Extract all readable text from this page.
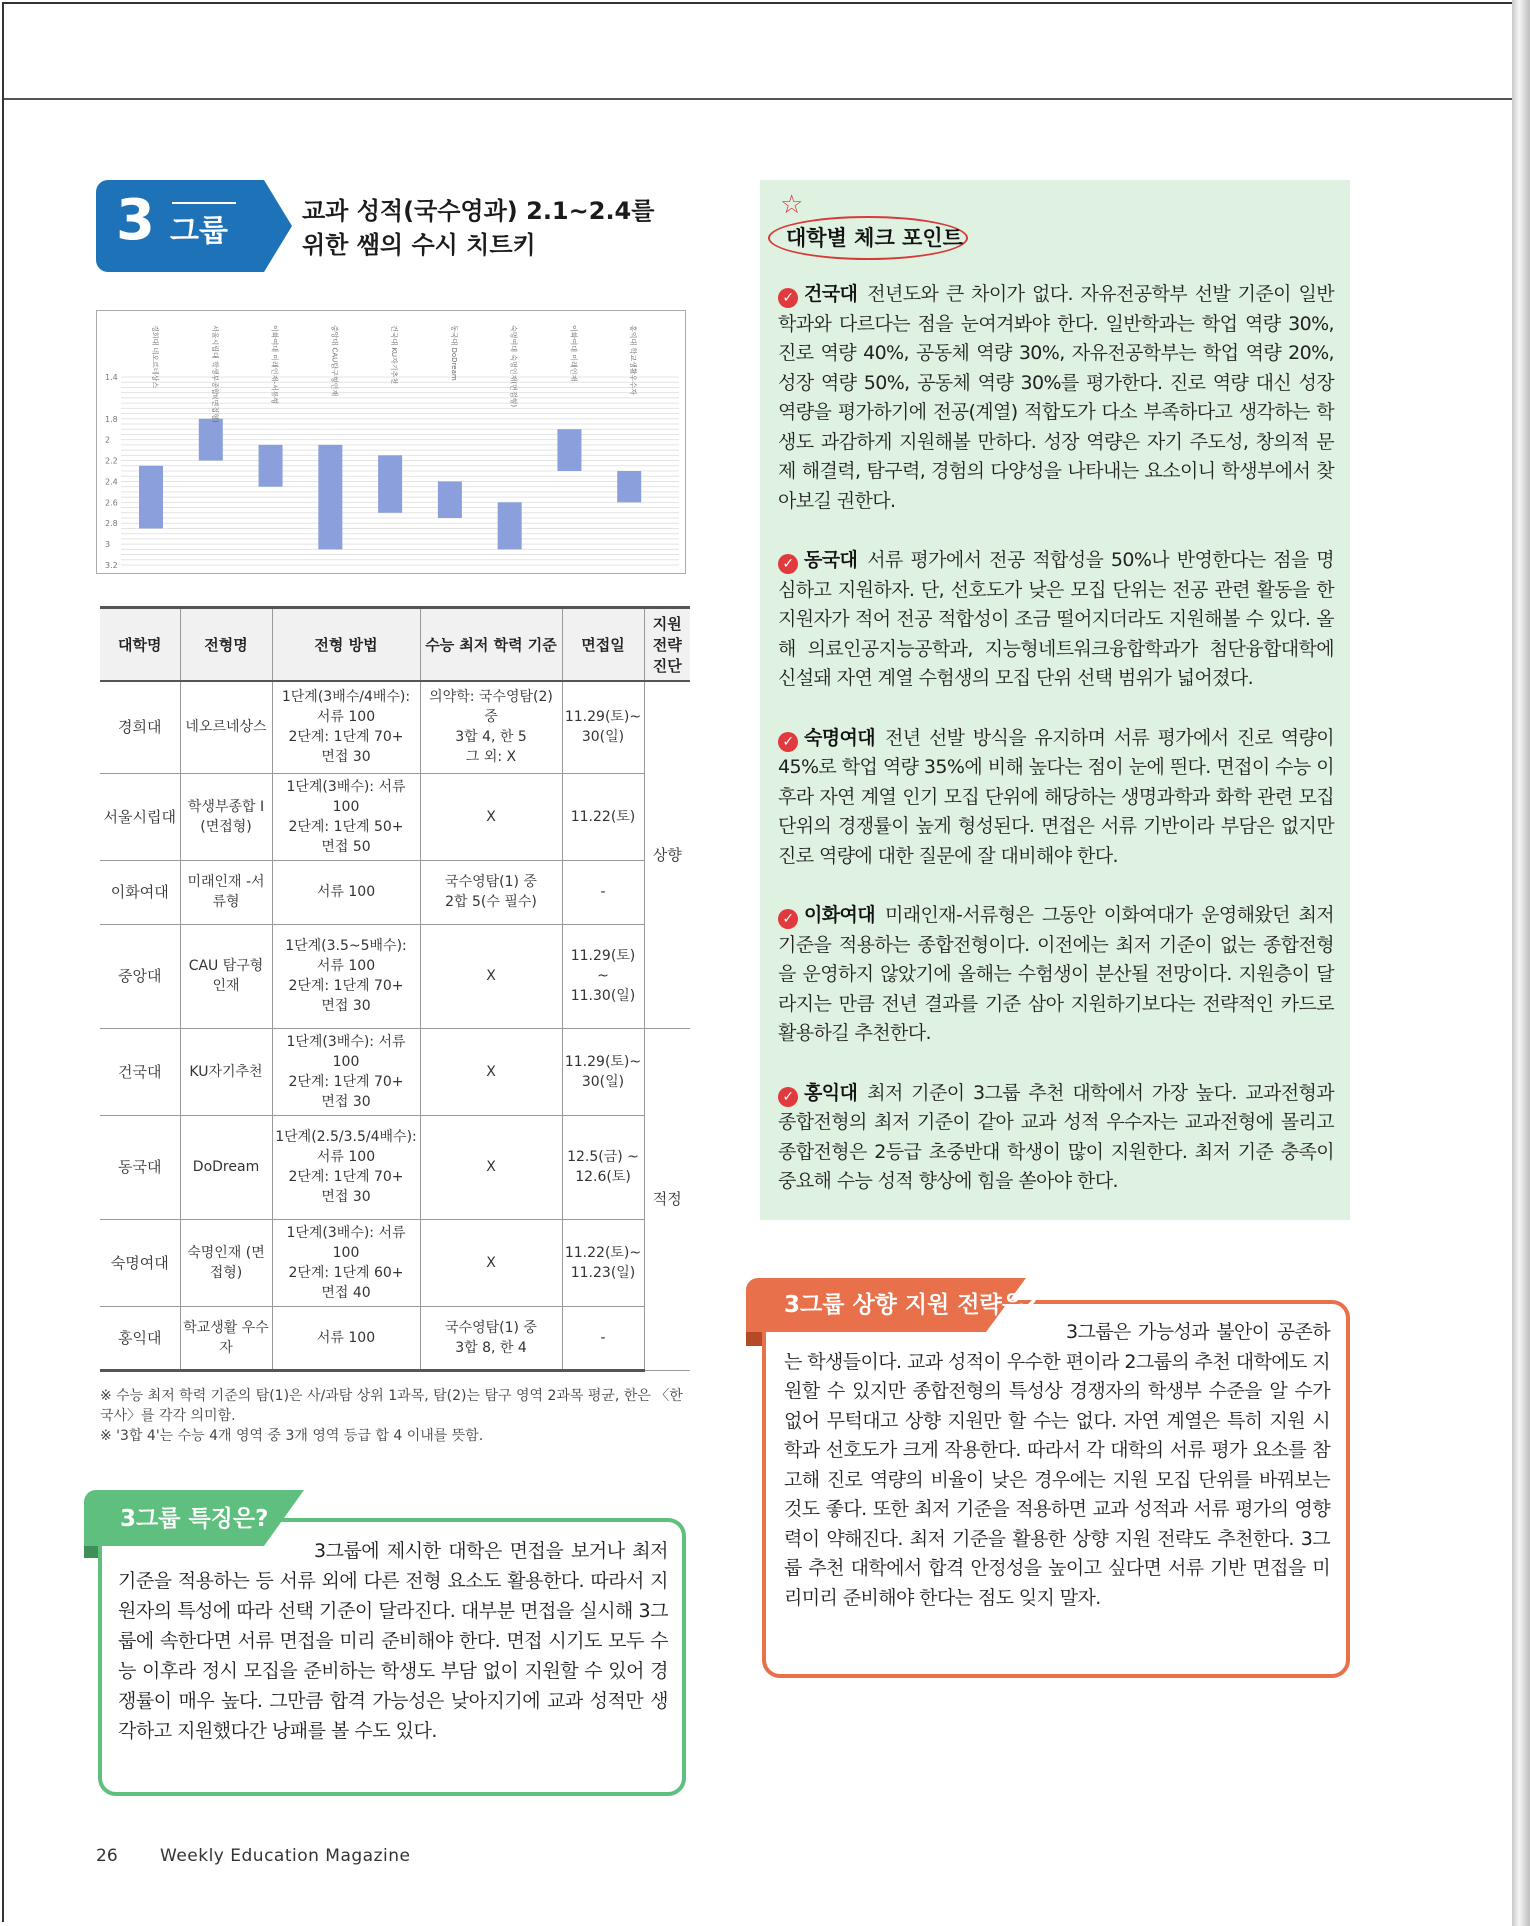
3 그룹
교과 성적(국수영과) 2.1~2.4를
위한 쌤의 수시 치트키
1.4
1.8
2
2.2
2.4
2.6
2.8
3
3.2
경희대 네오르네상스	서울시립대 학생부종합Ⅰ(면접형)	이화여대 미래인재-서류형	중앙대 CAU탐구형인재	건국대 KU자기추천	동국대 DoDream	숙명여대 숙명인재(면접형)	이화여대 미래인재	홍익대 학교생활우수자
대학명	전형명	전형 방법	수능 최저 학력 기준	면접일	지원 전략 진단
경희대	네오르네상스	1단계(3배수/4배수):
서류 100
2단계: 1단계 70+
면접 30	의약학: 국수영탐(2) 중
3합 4, 한 5
그 외: X	11.29(토)~
30(일)	상향
서울시립대	학생부종합 Ⅰ (면접형)	1단계(3배수): 서류 100
2단계: 1단계 50+
면접 50	X	11.22(토)	

이화여대	미래인재 -서류형	서류 100	국수영탐(1) 중
2합 5(수 필수)	-	

중앙대	CAU 탐구형인재	1단계(3.5~5배수):
서류 100
2단계: 1단계 70+
면접 30	X	11.29(토) ~
11.30(일)	

건국대	KU자기추천	1단계(3배수): 서류 100
2단계: 1단계 70+
면접 30	X	11.29(토)~
30(일)	적정
동국대	DoDream	1단계(2.5/3.5/4배수):
서류 100
2단계: 1단계 70+
면접 30	X	12.5(금) ~
12.6(토)	

숙명여대	숙명인재 (면접형)	1단계(3배수): 서류 100
2단계: 1단계 60+
면접 40	X	11.22(토)~
11.23(일)	

홍익대	학교생활 우수자	서류 100	국수영탐(1) 중
3합 8, 한 4	-	
※ 수능 최저 학력 기준의 탐(1)은 사/과탐 상위 1과목, 탐(2)는 탐구 영역 2과목 평균, 한은 〈한국사〉를 각각 의미함.
※ '3합 4'는 수능 4개 영역 중 3개 영역 등급 합 4 이내를 뜻함.
3그룹 특징은?
3그룹에 제시한 대학은 면접을 보거나 최저 기준을 적용하는 등 서류 외에 다른 전형 요소도 활용한다. 따라서 지원자의 특성에 따라 선택 기준이 달라진다. 대부분 면접을 실시해 3그룹에 속한다면 서류 면접을 미리 준비해야 한다. 면접 시기도 모두 수능 이후라 정시 모집을 준비하는 학생도 부담 없이 지원할 수 있어 경쟁률이 매우 높다. 그만큼 합격 가능성은 낮아지기에 교과 성적만 생각하고 지원했다간 낭패를 볼 수도 있다.
☆
대학별 체크 포인트
✓ 건국대 전년도와 큰 차이가 없다. 자유전공학부 선발 기준이 일반학과와 다르다는 점을 눈여겨봐야 한다. 일반학과는 학업 역량 30%, 진로 역량 40%, 공동체 역량 30%, 자유전공학부는 학업 역량 20%, 성장 역량 50%, 공동체 역량 30%를 평가한다. 진로 역량 대신 성장 역량을 평가하기에 전공(계열) 적합도가 다소 부족하다고 생각하는 학생도 과감하게 지원해볼 만하다. 성장 역량은 자기 주도성, 창의적 문제 해결력, 탐구력, 경험의 다양성을 나타내는 요소이니 학생부에서 찾아보길 권한다.
✓ 동국대 서류 평가에서 전공 적합성을 50%나 반영한다는 점을 명심하고 지원하자. 단, 선호도가 낮은 모집 단위는 전공 관련 활동을 한 지원자가 적어 전공 적합성이 조금 떨어지더라도 지원해볼 수 있다. 올해 의료인공지능공학과, 지능형네트워크융합학과가 첨단융합대학에 신설돼 자연 계열 수험생의 모집 단위 선택 범위가 넓어졌다.
✓ 숙명여대 전년 선발 방식을 유지하며 서류 평가에서 진로 역량이 45%로 학업 역량 35%에 비해 높다는 점이 눈에 띈다. 면접이 수능 이후라 자연 계열 인기 모집 단위에 해당하는 생명과학과 화학 관련 모집 단위의 경쟁률이 높게 형성된다. 면접은 서류 기반이라 부담은 없지만 진로 역량에 대한 질문에 잘 대비해야 한다.
✓ 이화여대 미래인재-서류형은 그동안 이화여대가 운영해왔던 최저 기준을 적용하는 종합전형이다. 이전에는 최저 기준이 없는 종합전형을 운영하지 않았기에 올해는 수험생이 분산될 전망이다. 지원층이 달라지는 만큼 전년 결과를 기준 삼아 지원하기보다는 전략적인 카드로 활용하길 추천한다.
✓ 홍익대 최저 기준이 3그룹 추천 대학에서 가장 높다. 교과전형과 종합전형의 최저 기준이 같아 교과 성적 우수자는 교과전형에 몰리고 종합전형은 2등급 초중반대 학생이 많이 지원한다. 최저 기준 충족이 중요해 수능 성적 향상에 힘을 쏟아야 한다.
3그룹 상향 지원 전략은?
3그룹은 가능성과 불안이 공존하는 학생들이다. 교과 성적이 우수한 편이라 2그룹의 추천 대학에도 지원할 수 있지만 종합전형의 특성상 경쟁자의 학생부 수준을 알 수가 없어 무턱대고 상향 지원만 할 수는 없다. 자연 계열은 특히 지원 시 학과 선호도가 크게 작용한다. 따라서 각 대학의 서류 평가 요소를 참고해 진로 역량의 비율이 낮은 경우에는 지원 모집 단위를 바꿔보는 것도 좋다. 또한 최저 기준을 적용하면 교과 성적과 서류 평가의 영향력이 약해진다. 최저 기준을 활용한 상향 지원 전략도 추천한다. 3그룹 추천 대학에서 합격 안정성을 높이고 싶다면 서류 기반 면접을 미리미리 준비해야 한다는 점도 잊지 말자.
26 Weekly Education Magazine
